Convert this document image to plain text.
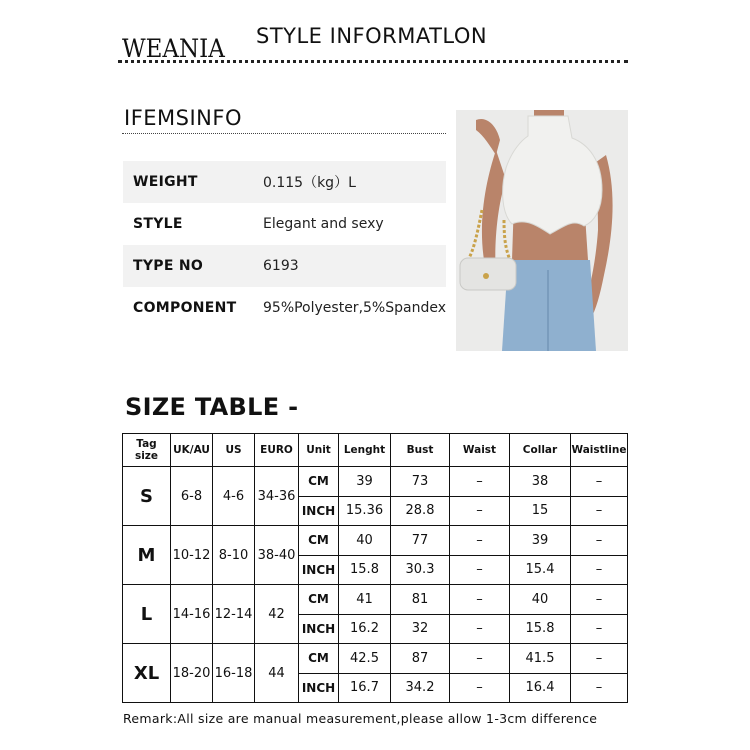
WEANIA STYLE INFORMATLON
IFEMSINFO
WEIGHT	0.115（kg）L
STYLE	Elegant and sexy
TYPE NO	6193
COMPONENT	95%Polyester,5%Spandex
SIZE TABLE -
Tag size	UK/AU	US	EURO	Unit	Lenght	Bust	Waist	Collar	Waistline
S	6-8	4-6	34-36	CM	39	73	–	38	–
				INCH	15.36	28.8	–	15	–
M	10-12	8-10	38-40	CM	40	77	–	39	–
				INCH	15.8	30.3	–	15.4	–
L	14-16	12-14	42	CM	41	81	–	40	–
				INCH	16.2	32	–	15.8	–
XL	18-20	16-18	44	CM	42.5	87	–	41.5	–
				INCH	16.7	34.2	–	16.4	–
Remark:All size are manual measurement,please allow 1-3cm difference
